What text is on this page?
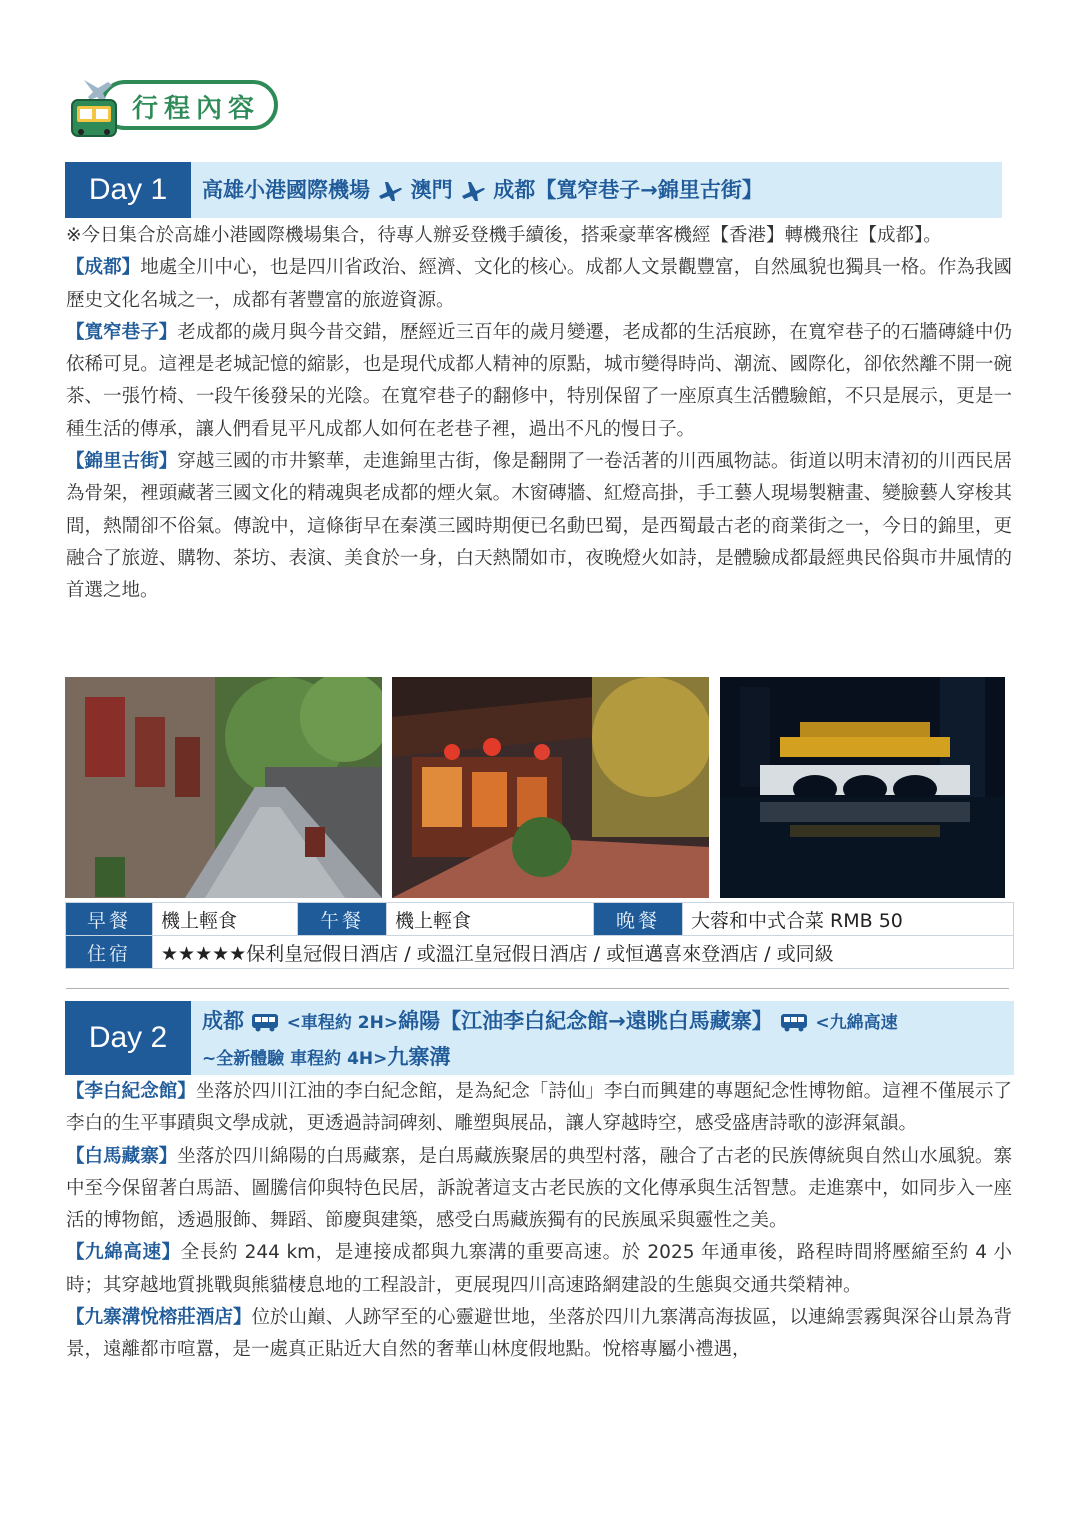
行程內容
Day 1	高雄小港國際機場 澳門 成都【寬窄巷子→錦里古街】

※今日集合於高雄小港國際機場集合，待專人辦妥登機手續後，搭乘豪華客機經【香港】轉機飛往【成都】。

【成都】地處全川中心，也是四川省政治、經濟、文化的核心。成都人文景觀豐富，自然風貌也獨具一格。作為我國歷史文化名城之一，成都有著豐富的旅遊資源。

【寬窄巷子】老成都的歲月與今昔交錯，歷經近三百年的歲月變遷，老成都的生活痕跡，在寬窄巷子的石牆磚縫中仍依稀可見。這裡是老城記憶的縮影，也是現代成都人精神的原點，城市變得時尚、潮流、國際化，卻依然離不開一碗茶、一張竹椅、一段午後發呆的光陰。在寬窄巷子的翻修中，特別保留了一座原真生活體驗館，不只是展示，更是一種生活的傳承，讓人們看見平凡成都人如何在老巷子裡，過出不凡的慢日子。

【錦里古街】穿越三國的市井繁華，走進錦里古街，像是翻開了一卷活著的川西風物誌。街道以明末清初的川西民居為骨架，裡頭藏著三國文化的精魂與老成都的煙火氣。木窗磚牆、紅燈高掛，手工藝人現場製糖畫、變臉藝人穿梭其間，熱鬧卻不俗氣。傳說中，這條街早在秦漢三國時期便已名動巴蜀，是西蜀最古老的商業街之一，今日的錦里，更融合了旅遊、購物、茶坊、表演、美食於一身，白天熱鬧如市，夜晚燈火如詩，是體驗成都最經典民俗與市井風情的首選之地。

早餐	機上輕食	午餐	機上輕食	晚餐	大蓉和中式合菜 RMB 50
住宿	★★★★★保利皇冠假日酒店 / 或溫江皇冠假日酒店 / 或恒邁喜來登酒店 / 或同級				
Day 2	成都	<車程約 2H>綿陽【江油李白紀念館→遠眺白馬藏寨】	<九綿高速
~全新體驗 車程約 4H>九寨溝

【李白紀念館】坐落於四川江油的李白紀念館，是為紀念「詩仙」李白而興建的專題紀念性博物館。這裡不僅展示了李白的生平事蹟與文學成就，更透過詩詞碑刻、雕塑與展品，讓人穿越時空，感受盛唐詩歌的澎湃氣韻。

【白馬藏寨】坐落於四川綿陽的白馬藏寨，是白馬藏族聚居的典型村落，融合了古老的民族傳統與自然山水風貌。寨中至今保留著白馬語、圖騰信仰與特色民居，訴說著這支古老民族的文化傳承與生活智慧。走進寨中，如同步入一座活的博物館，透過服飾、舞蹈、節慶與建築，感受白馬藏族獨有的民族風采與靈性之美。

【九綿高速】全長約 244 km，是連接成都與九寨溝的重要高速。於 2025 年通車後，路程時間將壓縮至約 4 小時；其穿越地質挑戰與熊貓棲息地的工程設計，更展現四川高速路網建設的生態與交通共榮精神。

【九寨溝悅榕莊酒店】位於山巔、人跡罕至的心靈避世地，坐落於四川九寨溝高海拔區，以連綿雲霧與深谷山景為背景，遠離都市喧囂，是一處真正貼近大自然的奢華山林度假地點。悅榕專屬小禮遇，
